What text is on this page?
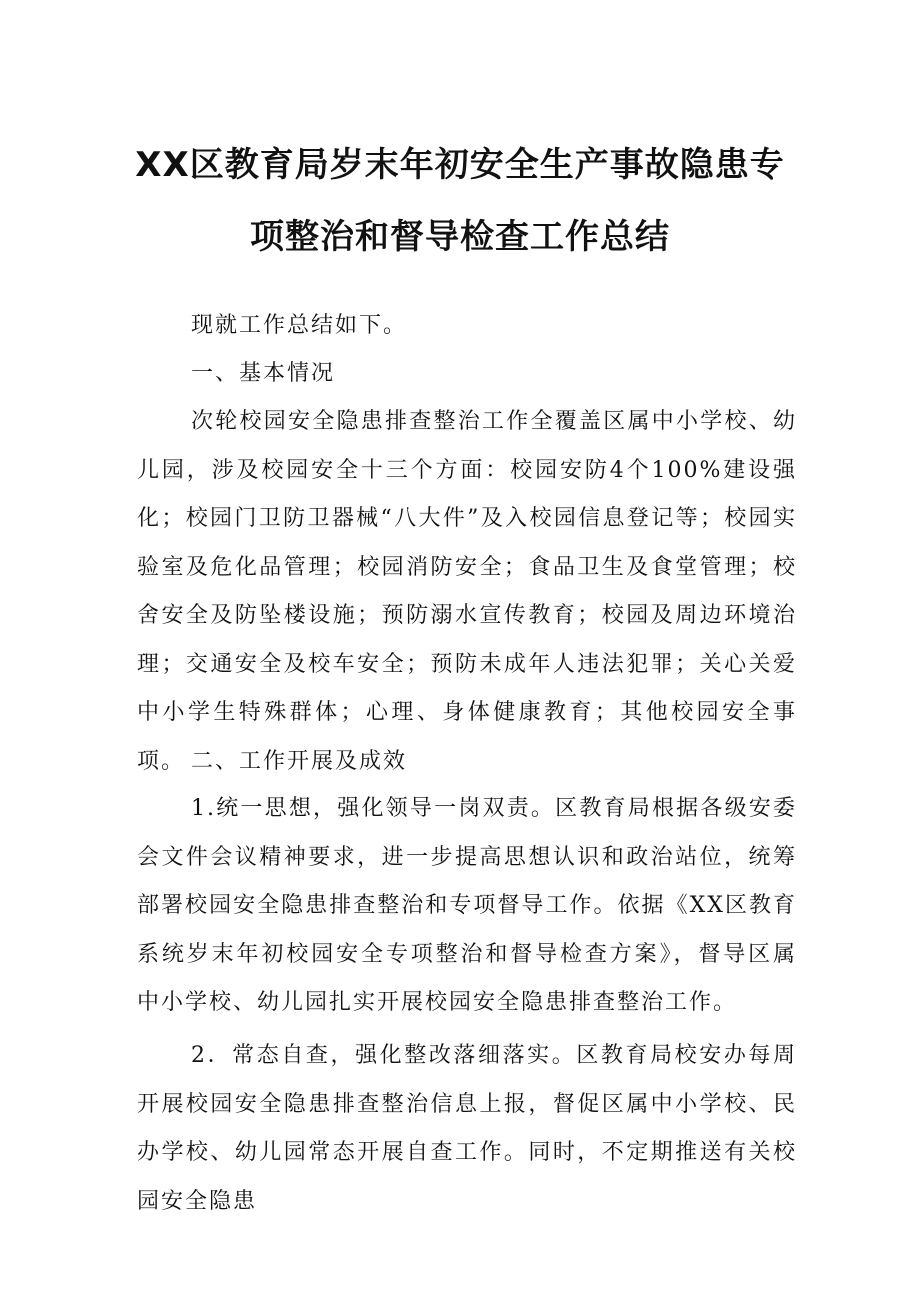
XX区教育局岁末年初安全生产事故隐患专
项整治和督导检查工作总结

现就工作总结如下。

一、基本情况

次轮校园安全隐患排查整治工作全覆盖区属中小学校、幼儿园，涉及校园安全十三个方面：校园安防4个100%建设强化；校园门卫防卫器械“八大件”及入校园信息登记等；校园实验室及危化品管理；校园消防安全；食品卫生及食堂管理；校舍安全及防坠楼设施；预防溺水宣传教育；校园及周边环境治理；交通安全及校车安全；预防未成年人违法犯罪；关心关爱中小学生特殊群体；心理、身体健康教育；其他校园安全事项。 二、工作开展及成效

1.统一思想，强化领导一岗双责。区教育局根据各级安委会文件会议精神要求，进一步提高思想认识和政治站位，统筹部署校园安全隐患排查整治和专项督导工作。依据《XX区教育系统岁末年初校园安全专项整治和督导检查方案》，督导区属中小学校、幼儿园扎实开展校园安全隐患排查整治工作。

2．常态自查，强化整改落细落实。区教育局校安办每周开展校园安全隐患排查整治信息上报，督促区属中小学校、民办学校、幼儿园常态开展自查工作。同时，不定期推送有关校园安全隐患
